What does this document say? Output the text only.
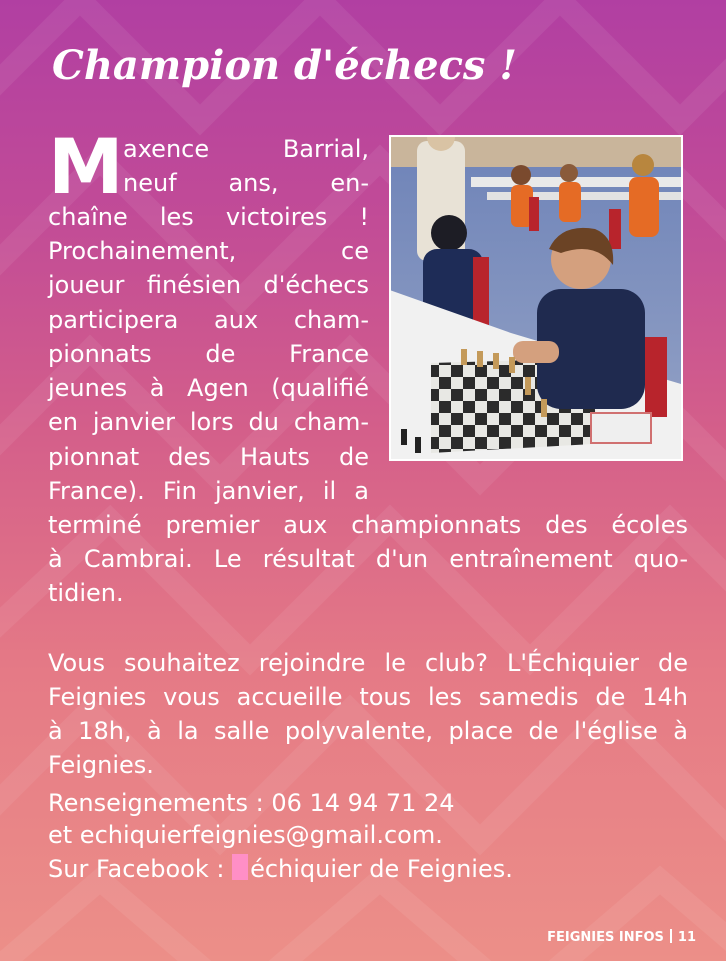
Champion d'échecs !
M axence Barrial,
neuf ans, en-
chaîne les victoires !
Prochainement, ce
joueur finésien d'échecs
participera aux cham-
pionnats de France
jeunes à Agen (qualifié
en janvier lors du cham-
pionnat des Hauts de
France). Fin janvier, il a
terminé premier aux championnats des écoles
à Cambrai. Le résultat d'un entraînement quo-
tidien.
Vous souhaitez rejoindre le club? L'Échiquier de
Feignies vous accueille tous les samedis de 14h
à 18h, à la salle polyvalente, place de l'église à
Feignies.
Renseignements : 06 14 94 71 24
et echiquierfeignies@gmail.com.
Sur Facebook : échiquier de Feignies.
FEIGNIES INFOS 11
